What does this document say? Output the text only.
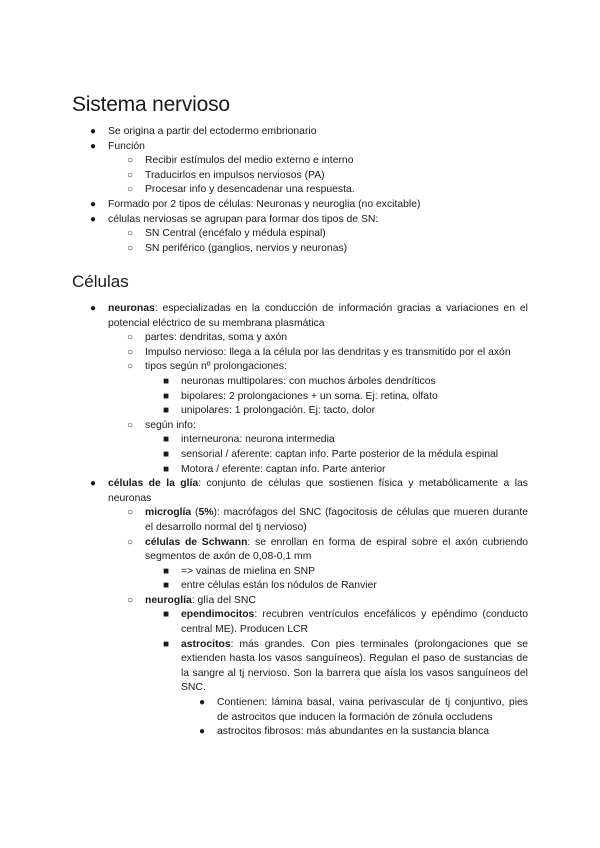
Sistema nervioso
● Se origina a partir del ectodermo embrionario
● Función
○ Recibir estímulos del medio externo e interno
○ Traducirlos en impulsos nerviosos (PA)
○ Procesar info y desencadenar una respuesta.
● Formado por 2 tipos de células: Neuronas y neuroglia (no excitable)
● células nerviosas se agrupan para formar dos tipos de SN:
○ SN Central (encéfalo y médula espinal)
○ SN periférico (ganglios, nervios y neuronas)
Células
● neuronas: especializadas en la conducción de información gracias a variaciones en el potencial eléctrico de su membrana plasmática
○ partes: dendritas, soma y axón
○ Impulso nervioso: llega a la célula por las dendritas y es transmitido por el axón
○ tipos según nº prolongaciones:
■ neuronas multipolares: con muchos árboles dendríticos
■ bipolares: 2 prolongaciones + un soma. Ej: retina, olfato
■ unipolares: 1 prolongación. Ej: tacto, dolor
○ según info:
■ interneurona: neurona intermedia
■ sensorial / aferente: captan info. Parte posterior de la médula espinal
■ Motora / eferente: captan info. Parte anterior
● células de la glía: conjunto de células que sostienen física y metabólicamente a las neuronas
○ microglía (5%): macrófagos del SNC (fagocitosis de células que mueren durante el desarrollo normal del tj nervioso)
○ células de Schwann: se enrollan en forma de espiral sobre el axón cubriendo segmentos de axón de 0,08-0,1 mm
■ => vainas de mielina en SNP
■ entre células están los nódulos de Ranvier
○ neuroglía: glía del SNC
■ ependimocitos: recubren ventrículos encefálicos y epéndimo (conducto central ME). Producen LCR
■ astrocitos: más grandes. Con pies terminales (prolongaciones que se extienden hasta los vasos sanguíneos). Regulan el paso de sustancias de la sangre al tj nervioso. Son la barrera que aísla los vasos sanguíneos del SNC.
● Contienen: lámina basal, vaina perivascular de tj conjuntivo, pies de astrocitos que inducen la formación de zónula occludens
● astrocitos fibrosos: más abundantes en la sustancia blanca
